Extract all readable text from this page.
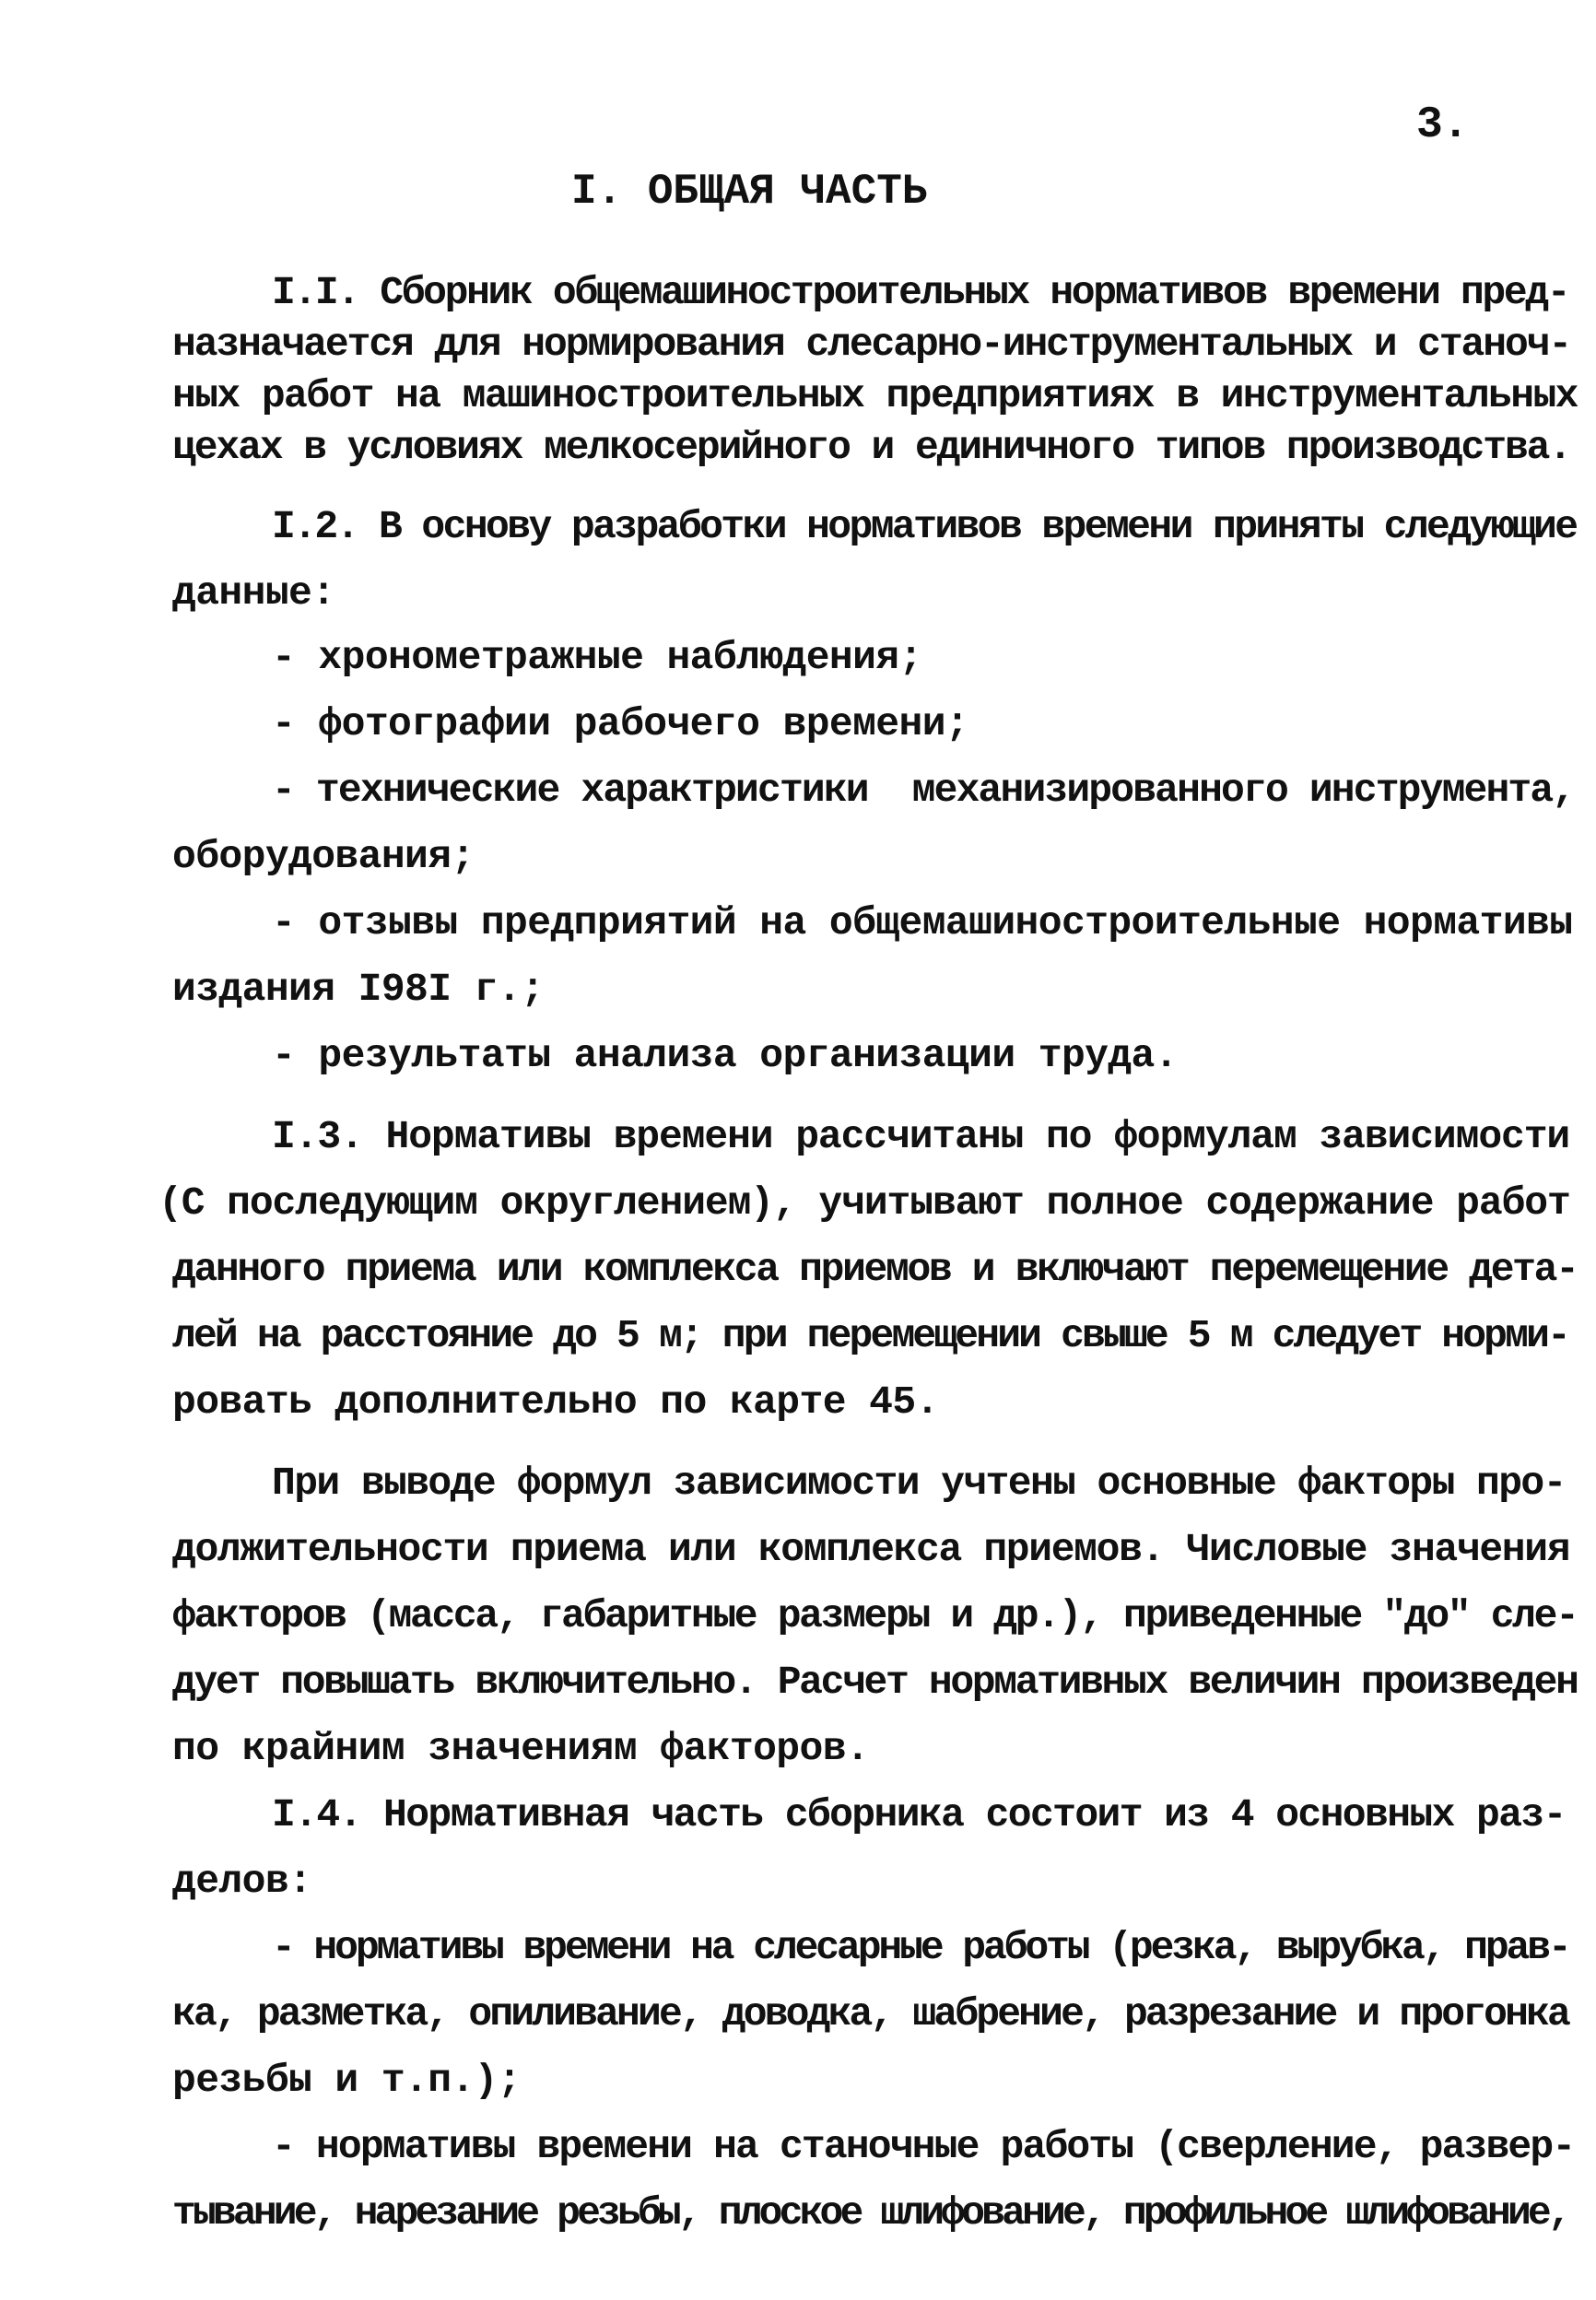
3.
I. ОБЩАЯ ЧАСТЬ
I.I. Сборник общемашиностроительных нормативов времени пред-
назначается для нормирования слесарно-инструментальных и станоч-
ных работ на машиностроительных предприятиях в инструментальных
цехах в условиях мелкосерийного и единичного типов производства.
I.2. В основу разработки нормативов времени приняты следующие
данные:
- хронометражные наблюдения;
- фотографии рабочего времени;
- технические характристики  механизированного инструмента,
оборудования;
- отзывы предприятий на общемашиностроительные нормативы
издания I98I г.;
- результаты анализа организации труда.
I.3. Нормативы времени рассчитаны по формулам зависимости
(С последующим округлением), учитывают полное содержание работ
данного приема или комплекса приемов и включают перемещение дета-
лей на расстояние до 5 м; при перемещении свыше 5 м следует норми-
ровать дополнительно по карте 45.
При выводе формул зависимости учтены основные факторы про-
должительности приема или комплекса приемов. Числовые значения
факторов (масса, габаритные размеры и др.), приведенные "до" сле-
дует повышать включительно. Расчет нормативных величин произведен
по крайним значениям факторов.
I.4. Нормативная часть сборника состоит из 4 основных раз-
делов:
- нормативы времени на слесарные работы (резка, вырубка, прав-
ка, разметка, опиливание, доводка, шабрение, разрезание и прогонка
резьбы и т.п.);
- нормативы времени на станочные работы (сверление, развер-
тывание, нарезание резьбы, плоское шлифование, профильное шлифование,
